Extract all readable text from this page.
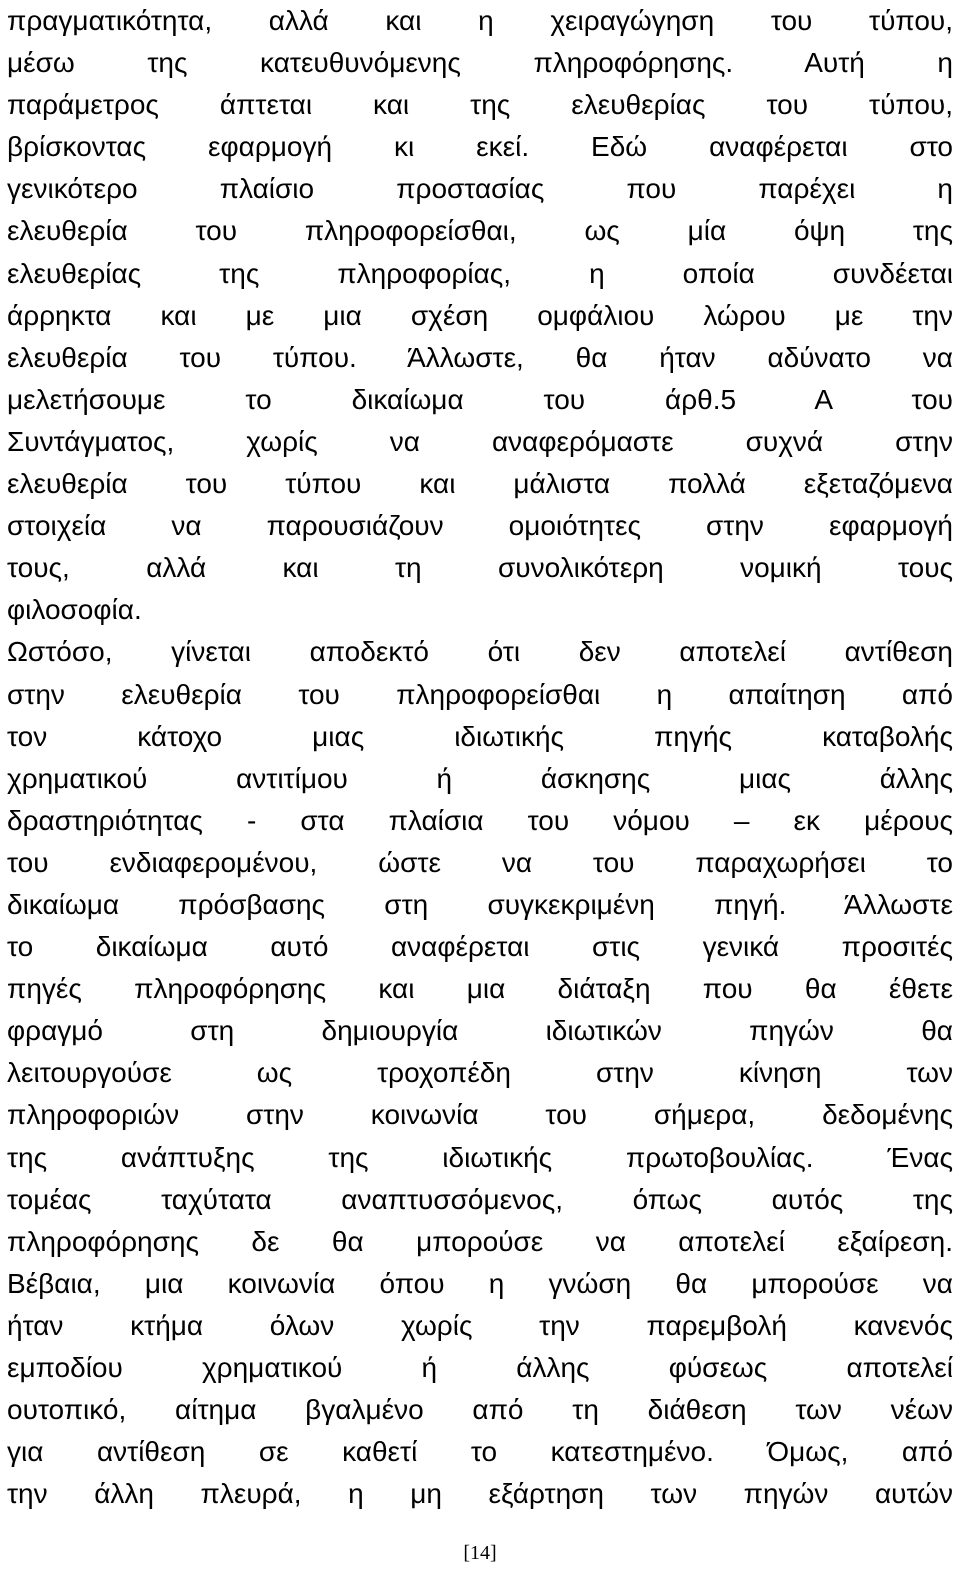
πραγματικότητα, αλλά και η χειραγώγηση του τύπου,
μέσω της κατευθυνόμενης πληροφόρησης. Αυτή η
παράμετρος άπτεται και της ελευθερίας του τύπου,
βρίσκοντας εφαρμογή κι εκεί. Εδώ αναφέρεται στο
γενικότερο πλαίσιο προστασίας που παρέχει η
ελευθερία του πληροφορείσθαι, ως μία όψη της
ελευθερίας της πληροφορίας, η οποία συνδέεται
άρρηκτα και με μια σχέση ομφάλιου λώρου με την
ελευθερία του τύπου. Άλλωστε, θα ήταν αδύνατο να
μελετήσουμε το δικαίωμα του άρθ.5 Α του
Συντάγματος, χωρίς να αναφερόμαστε συχνά στην
ελευθερία του τύπου και μάλιστα πολλά εξεταζόμενα
στοιχεία να παρουσιάζουν ομοιότητες στην εφαρμογή
τους, αλλά και τη συνολικότερη νομική τους
φιλοσοφία.
Ωστόσο, γίνεται αποδεκτό ότι δεν αποτελεί αντίθεση
στην ελευθερία του πληροφορείσθαι η απαίτηση από
τον κάτοχο μιας ιδιωτικής πηγής καταβολής
χρηματικού αντιτίμου ή άσκησης μιας άλλης
δραστηριότητας - στα πλαίσια του νόμου – εκ μέρους
του ενδιαφερομένου, ώστε να του παραχωρήσει το
δικαίωμα πρόσβασης στη συγκεκριμένη πηγή. Άλλωστε
το δικαίωμα αυτό αναφέρεται στις γενικά προσιτές
πηγές πληροφόρησης και μια διάταξη που θα έθετε
φραγμό στη δημιουργία ιδιωτικών πηγών θα
λειτουργούσε ως τροχοπέδη στην κίνηση των
πληροφοριών στην κοινωνία του σήμερα, δεδομένης
της ανάπτυξης της ιδιωτικής πρωτοβουλίας. Ένας
τομέας ταχύτατα αναπτυσσόμενος, όπως αυτός της
πληροφόρησης δε θα μπορούσε να αποτελεί εξαίρεση.
Βέβαια, μια κοινωνία όπου η γνώση θα μπορούσε να
ήταν κτήμα όλων χωρίς την παρεμβολή κανενός
εμποδίου χρηματικού ή άλλης φύσεως αποτελεί
ουτοπικό, αίτημα βγαλμένο από τη διάθεση των νέων
για αντίθεση σε καθετί το κατεστημένο. Όμως, από
την άλλη πλευρά, η μη εξάρτηση των πηγών αυτών
[14]
